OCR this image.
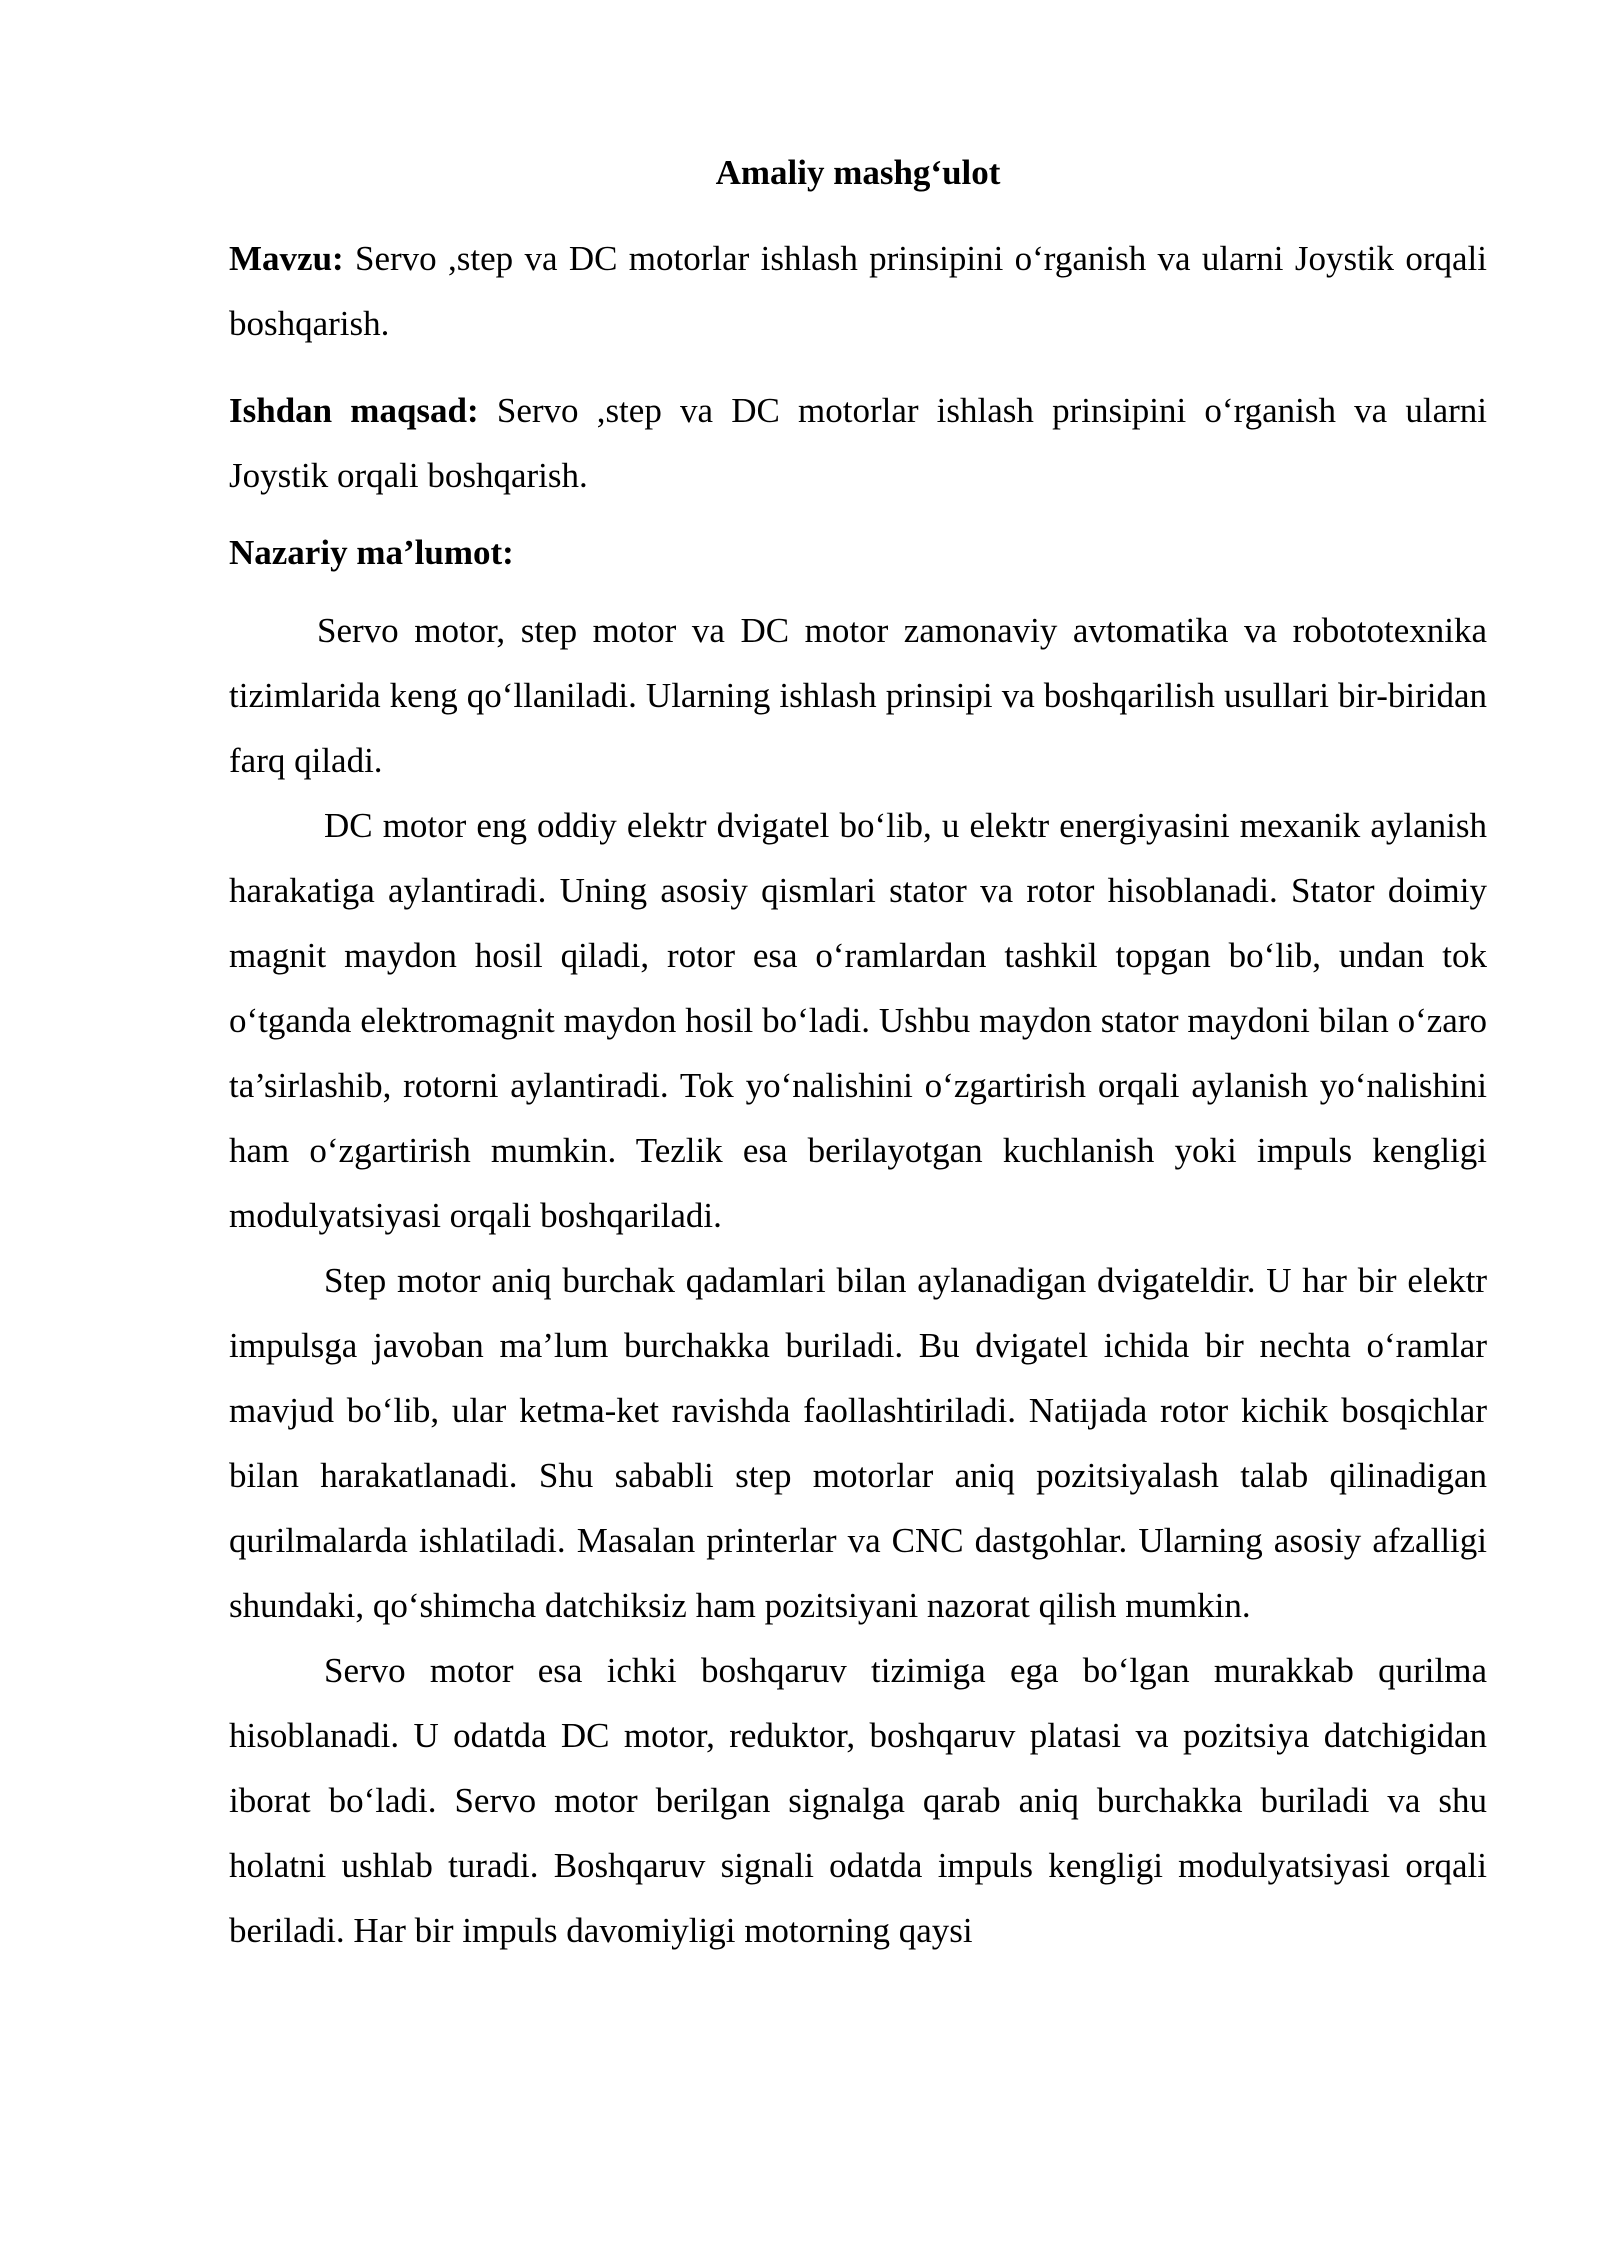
Amaliy mashg‘ulot

Mavzu: Servo ,step va DC motorlar ishlash prinsipini o‘rganish va ularni Joystik orqali boshqarish.

Ishdan maqsad: Servo ,step va DC motorlar ishlash prinsipini o‘rganish va ularni Joystik orqali boshqarish.

Nazariy ma’lumot:

Servo motor, step motor va DC motor zamonaviy avtomatika va robototexnika tizimlarida keng qo‘llaniladi. Ularning ishlash prinsipi va boshqarilish usullari bir-biridan farq qiladi.

DC motor eng oddiy elektr dvigatel bo‘lib, u elektr energiyasini mexanik aylanish harakatiga aylantiradi. Uning asosiy qismlari stator va rotor hisoblanadi. Stator doimiy magnit maydon hosil qiladi, rotor esa o‘ramlardan tashkil topgan bo‘lib, undan tok o‘tganda elektromagnit maydon hosil bo‘ladi. Ushbu maydon stator maydoni bilan o‘zaro ta’sirlashib, rotorni aylantiradi. Tok yo‘nalishini o‘zgartirish orqali aylanish yo‘nalishini ham o‘zgartirish mumkin. Tezlik esa berilayotgan kuchlanish yoki impuls kengligi modulyatsiyasi orqali boshqariladi.

Step motor aniq burchak qadamlari bilan aylanadigan dvigateldir. U har bir elektr impulsga javoban ma’lum burchakka buriladi. Bu dvigatel ichida bir nechta o‘ramlar mavjud bo‘lib, ular ketma-ket ravishda faollashtiriladi. Natijada rotor kichik bosqichlar bilan harakatlanadi. Shu sababli step motorlar aniq pozitsiyalash talab qilinadigan qurilmalarda ishlatiladi. Masalan printerlar va CNC dastgohlar. Ularning asosiy afzalligi shundaki, qo‘shimcha datchiksiz ham pozitsiyani nazorat qilish mumkin.

Servo motor esa ichki boshqaruv tizimiga ega bo‘lgan murakkab qurilma hisoblanadi. U odatda DC motor, reduktor, boshqaruv platasi va pozitsiya datchigidan iborat bo‘ladi. Servo motor berilgan signalga qarab aniq burchakka buriladi va shu holatni ushlab turadi. Boshqaruv signali odatda impuls kengligi modulyatsiyasi orqali beriladi. Har bir impuls davomiyligi motorning qaysi
